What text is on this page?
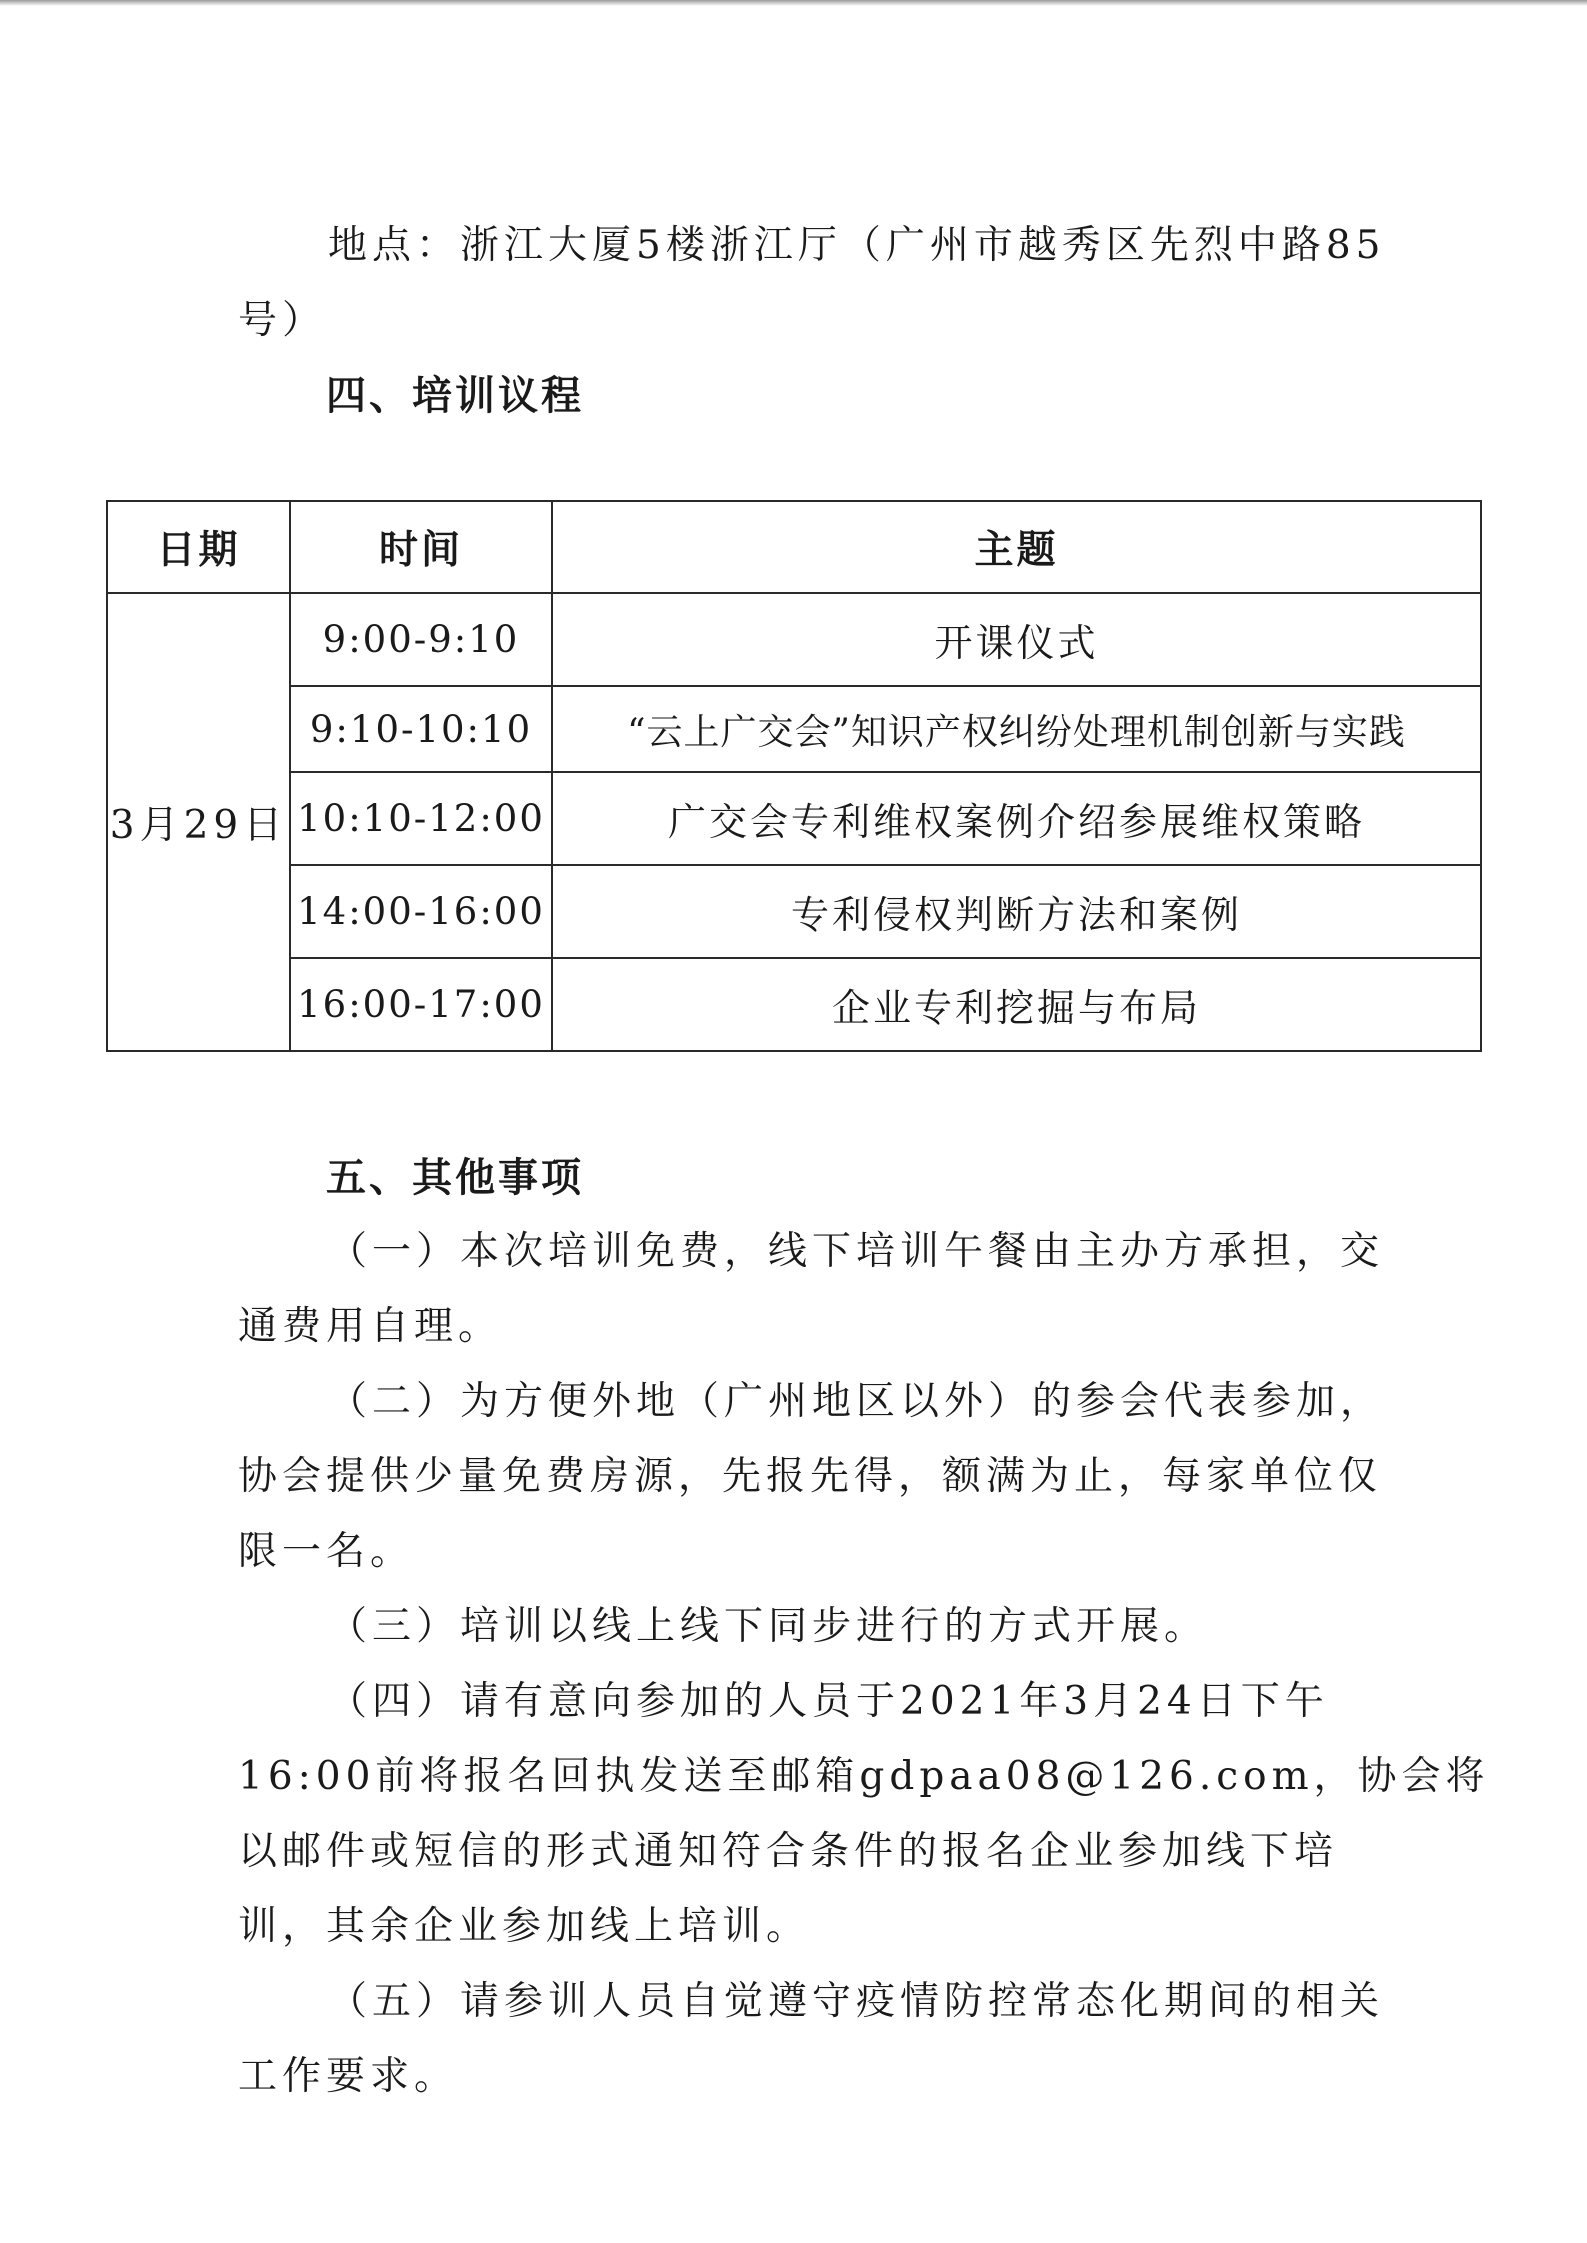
地点：浙江大厦5楼浙江厅（广州市越秀区先烈中路85
号）
四、培训议程
日期	时间	主题
3月29日	9:00-9:10	开课仪式
	9:10-10:10	“云上广交会”知识产权纠纷处理机制创新与实践
	10:10-12:00	广交会专利维权案例介绍参展维权策略
	14:00-16:00	专利侵权判断方法和案例
	16:00-17:00	企业专利挖掘与布局
五、其他事项
（一）本次培训免费，线下培训午餐由主办方承担，交
通费用自理。
（二）为方便外地（广州地区以外）的参会代表参加，
协会提供少量免费房源，先报先得，额满为止，每家单位仅
限一名。
（三）培训以线上线下同步进行的方式开展。
（四）请有意向参加的人员于2021年3月24日下午
16:00前将报名回执发送至邮箱gdpaa08@126.com，协会将
以邮件或短信的形式通知符合条件的报名企业参加线下培
训，其余企业参加线上培训。
（五）请参训人员自觉遵守疫情防控常态化期间的相关
工作要求。
